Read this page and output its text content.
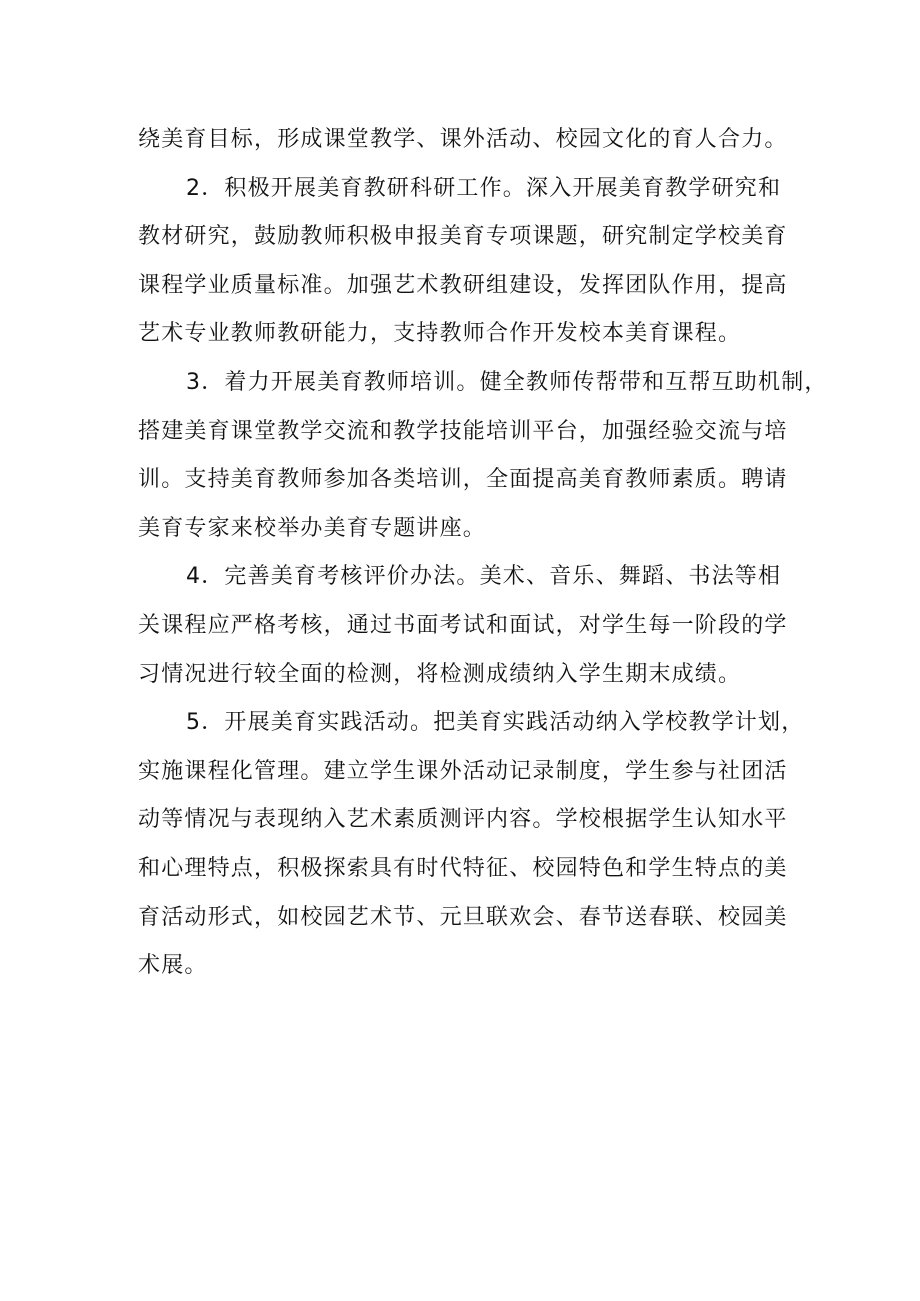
绕美育目标，形成课堂教学、课外活动、校园文化的育人合力。
2．积极开展美育教研科研工作。深入开展美育教学研究和
教材研究，鼓励教师积极申报美育专项课题，研究制定学校美育
课程学业质量标准。加强艺术教研组建设，发挥团队作用，提高
艺术专业教师教研能力，支持教师合作开发校本美育课程。
3．着力开展美育教师培训。健全教师传帮带和互帮互助机制，
搭建美育课堂教学交流和教学技能培训平台，加强经验交流与培
训。支持美育教师参加各类培训，全面提高美育教师素质。聘请
美育专家来校举办美育专题讲座。
4．完善美育考核评价办法。美术、音乐、舞蹈、书法等相
关课程应严格考核，通过书面考试和面试，对学生每一阶段的学
习情况进行较全面的检测，将检测成绩纳入学生期末成绩。
5．开展美育实践活动。把美育实践活动纳入学校教学计划，
实施课程化管理。建立学生课外活动记录制度，学生参与社团活
动等情况与表现纳入艺术素质测评内容。学校根据学生认知水平
和心理特点，积极探索具有时代特征、校园特色和学生特点的美
育活动形式，如校园艺术节、元旦联欢会、春节送春联、校园美
术展。
